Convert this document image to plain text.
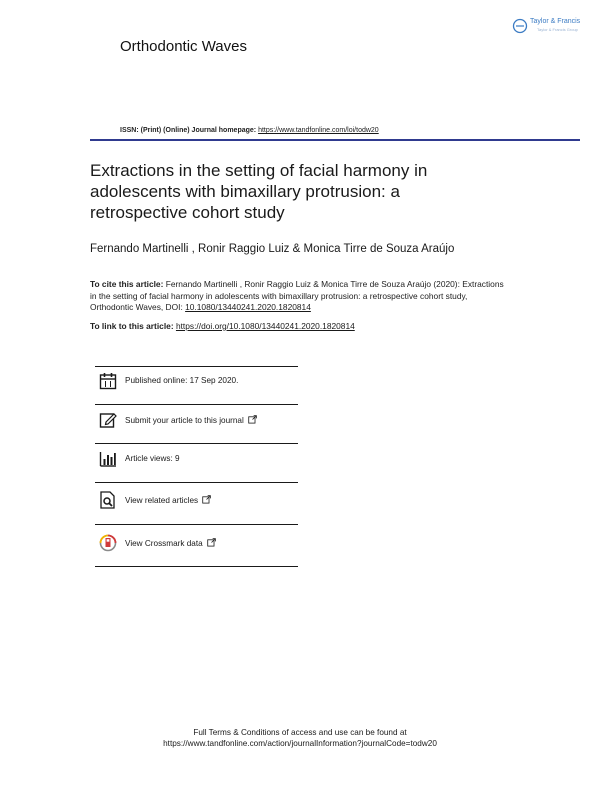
Orthodontic Waves
Taylor & Francis
Taylor & Francis Group
ISSN: (Print) (Online) Journal homepage: https://www.tandfonline.com/loi/todw20
Extractions in the setting of facial harmony in adolescents with bimaxillary protrusion: a retrospective cohort study
Fernando Martinelli , Ronir Raggio Luiz & Monica Tirre de Souza Araújo
To cite this article: Fernando Martinelli , Ronir Raggio Luiz & Monica Tirre de Souza Araújo (2020): Extractions in the setting of facial harmony in adolescents with bimaxillary protrusion: a retrospective cohort study, Orthodontic Waves, DOI: 10.1080/13440241.2020.1820814
To link to this article: https://doi.org/10.1080/13440241.2020.1820814
Published online: 17 Sep 2020.
Submit your article to this journal
Article views: 9
View related articles
View Crossmark data
Full Terms & Conditions of access and use can be found at
https://www.tandfonline.com/action/journalInformation?journalCode=todw20
